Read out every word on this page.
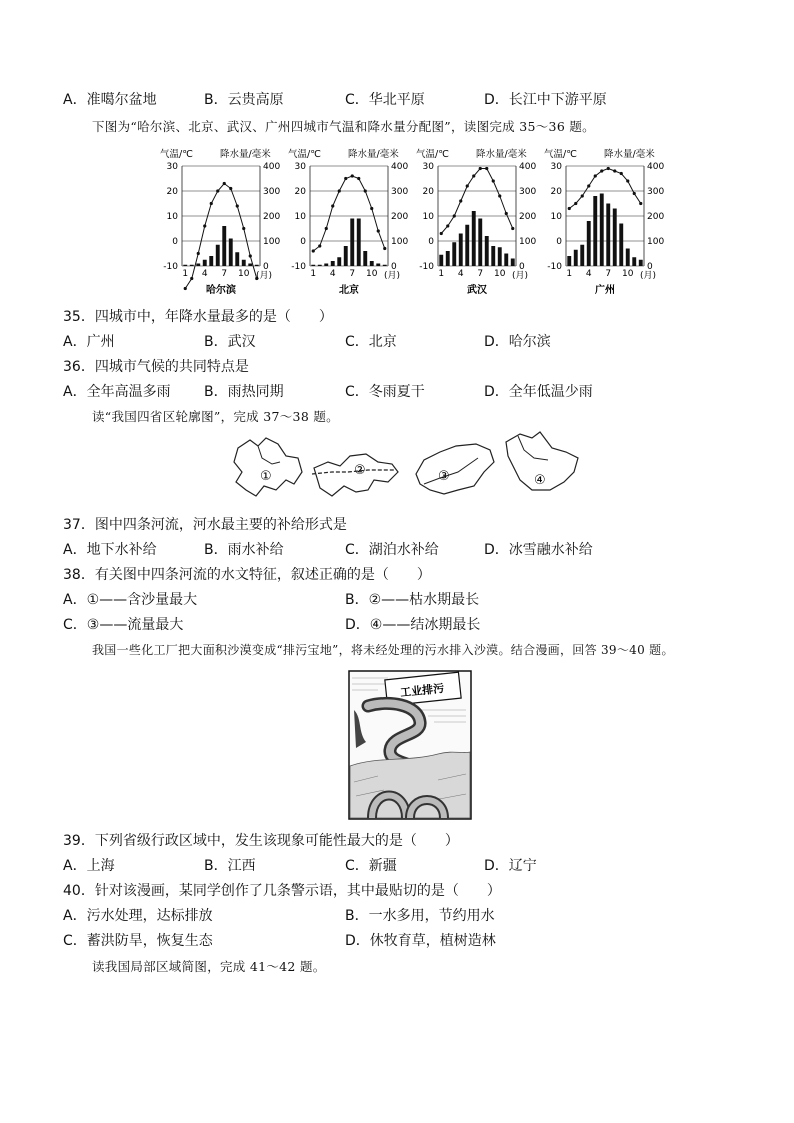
A．准噶尔盆地	B．云贵高原	C．华北平原	D．长江中下游平原
下图为“哈尔滨、北京、武汉、广州四城市气温和降水量分配图”，读图完成 35～36 题。
气温/℃	降水量/毫米
30
20
10
0
-10
400
300
200
100
0
1 4 7 10 (月)
哈尔滨
气温/℃	降水量/毫米
30
20
10
0
-10
400
300
200
100
0
1 4 7 10 (月)
北京
气温/℃	降水量/毫米
30
20
10
0
-10
400
300
200
100
0
1 4 7 10 (月)
武汉
气温/℃	降水量/毫米
30
20
10
0
-10
400
300
200
100
0
1 4 7 10 (月)
广州
35．四城市中，年降水量最多的是（　　）
A．广州	B．武汉	C．北京	D．哈尔滨
36．四城市气候的共同特点是
A．全年高温多雨 B．雨热同期	C．冬雨夏干	D．全年低温少雨
读“我国四省区轮廓图”，完成 37～38 题。
①	②	③	④
37．图中四条河流，河水最主要的补给形式是
A．地下水补给	B．雨水补给	C．湖泊水补给	D．冰雪融水补给
38．有关图中四条河流的水文特征，叙述正确的是（　　）
A．①——含沙量最大	B．②——枯水期最长
C．③——流量最大	D．④——结冰期最长
我国一些化工厂把大面积沙漠变成“排污宝地”，将未经处理的污水排入沙漠。结合漫画，回答 39～40 题。
工业排污
39．下列省级行政区域中，发生该现象可能性最大的是（　　）
A．上海	B．江西	C．新疆	D．辽宁
40．针对该漫画，某同学创作了几条警示语，其中最贴切的是（　　）
A．污水处理，达标排放	B．一水多用，节约用水
C．蓄洪防旱，恢复生态	D．休牧育草，植树造林
读我国局部区域简图，完成 41～42 题。
